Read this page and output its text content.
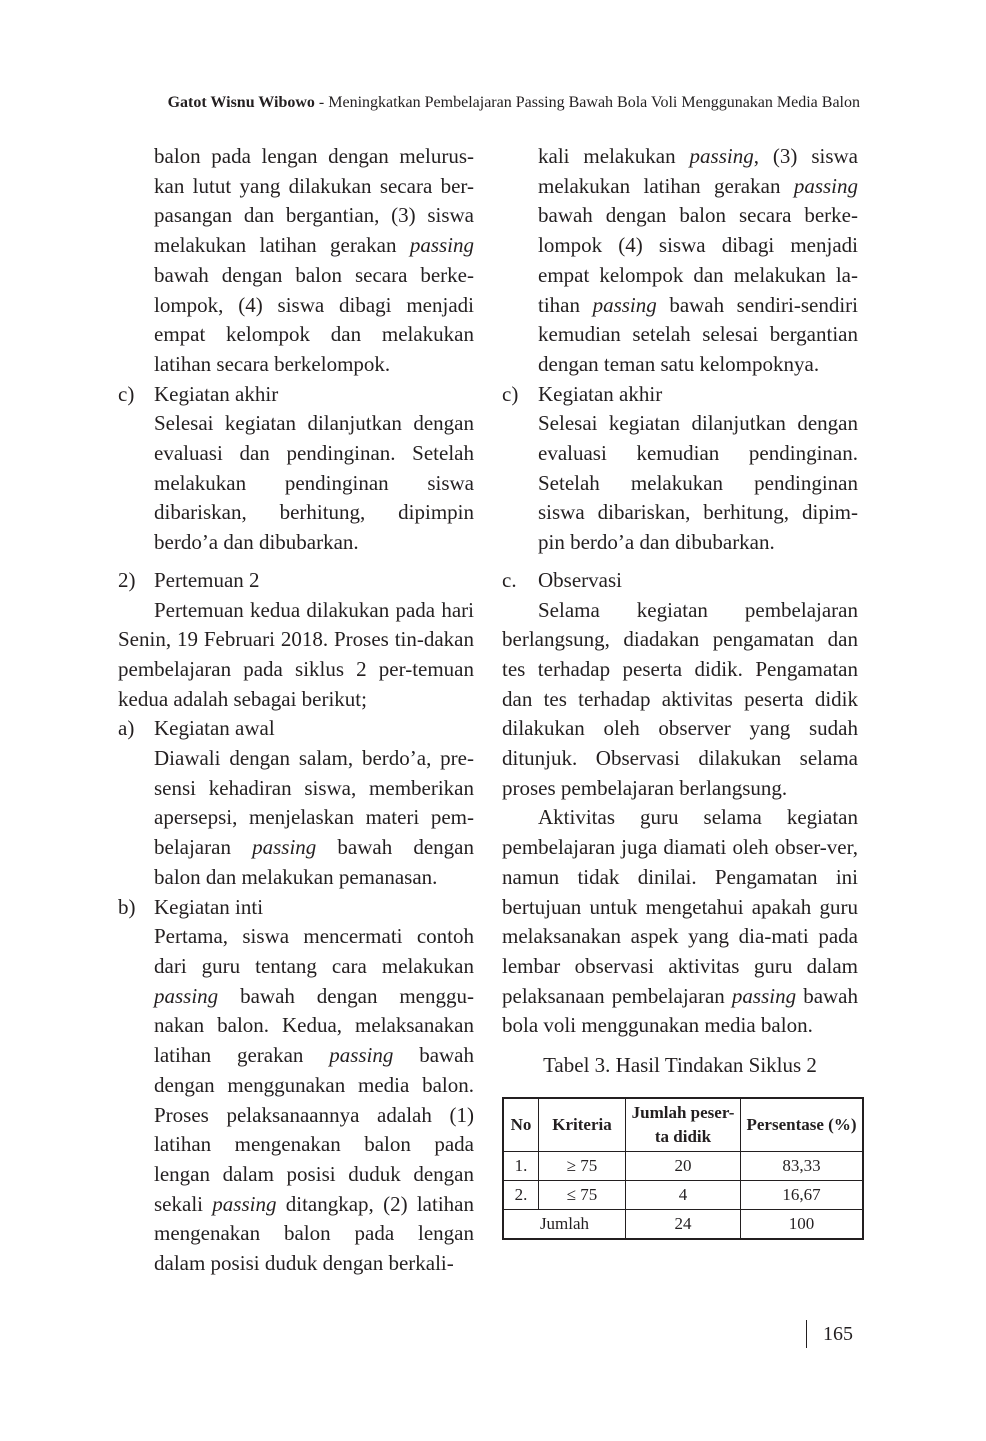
Gatot Wisnu Wibowo - Meningkatkan Pembelajaran Passing Bawah Bola Voli Menggunakan Media Balon
balon pada lengan dengan melurus-kan lutut yang dilakukan secara ber-pasangan dan bergantian, (3) siswa melakukan latihan gerakan passing bawah dengan balon secara berke-lompok, (4) siswa dibagi menjadi empat kelompok dan melakukan latihan secara berkelompok.
c) Kegiatan akhir
Selesai kegiatan dilanjutkan dengan evaluasi dan pendinginan. Setelah melakukan pendinginan siswa dibariskan, berhitung, dipimpin berdo’a dan dibubarkan.
2) Pertemuan 2
Pertemuan kedua dilakukan pada hari Senin, 19 Februari 2018. Proses tin-dakan pembelajaran pada siklus 2 per-temuan kedua adalah sebagai berikut;
a) Kegiatan awal
Diawali dengan salam, berdo’a, pre-sensi kehadiran siswa, memberikan apersepsi, menjelaskan materi pem-belajaran passing bawah dengan balon dan melakukan pemanasan.
b) Kegiatan inti
Pertama, siswa mencermati contoh dari guru tentang cara melakukan passing bawah dengan menggu-nakan balon. Kedua, melaksanakan latihan gerakan passing bawah dengan menggunakan media balon. Proses pelaksanaannya adalah (1) latihan mengenakan balon pada lengan dalam posisi duduk dengan sekali passing ditangkap, (2) latihan mengenakan balon pada lengan dalam posisi duduk dengan berkali-
kali melakukan passing, (3) siswa melakukan latihan gerakan passing bawah dengan balon secara berke-lompok (4) siswa dibagi menjadi empat kelompok dan melakukan la-tihan passing bawah sendiri-sendiri kemudian setelah selesai bergantian dengan teman satu kelompoknya.
c) Kegiatan akhir
Selesai kegiatan dilanjutkan dengan evaluasi kemudian pendinginan. Setelah melakukan pendinginan siswa dibariskan, berhitung, dipim-pin berdo’a dan dibubarkan.
c. Observasi
Selama kegiatan pembelajaran berlangsung, diadakan pengamatan dan tes terhadap peserta didik. Pengamatan dan tes terhadap aktivitas peserta didik dilakukan oleh observer yang sudah ditunjuk. Observasi dilakukan selama proses pembelajaran berlangsung.
Aktivitas guru selama kegiatan pembelajaran juga diamati oleh obser-ver, namun tidak dinilai. Pengamatan ini bertujuan untuk mengetahui apakah guru melaksanakan aspek yang dia-mati pada lembar observasi aktivitas guru dalam pelaksanaan pembelajaran passing bawah bola voli menggunakan media balon.
Tabel 3. Hasil Tindakan Siklus 2
No	Kriteria	Jumlah peser-ta didik	Persentase (%)
1.	≥ 75	20	83,33
2.	≤ 75	4	16,67
Jumlah		24	100
165
